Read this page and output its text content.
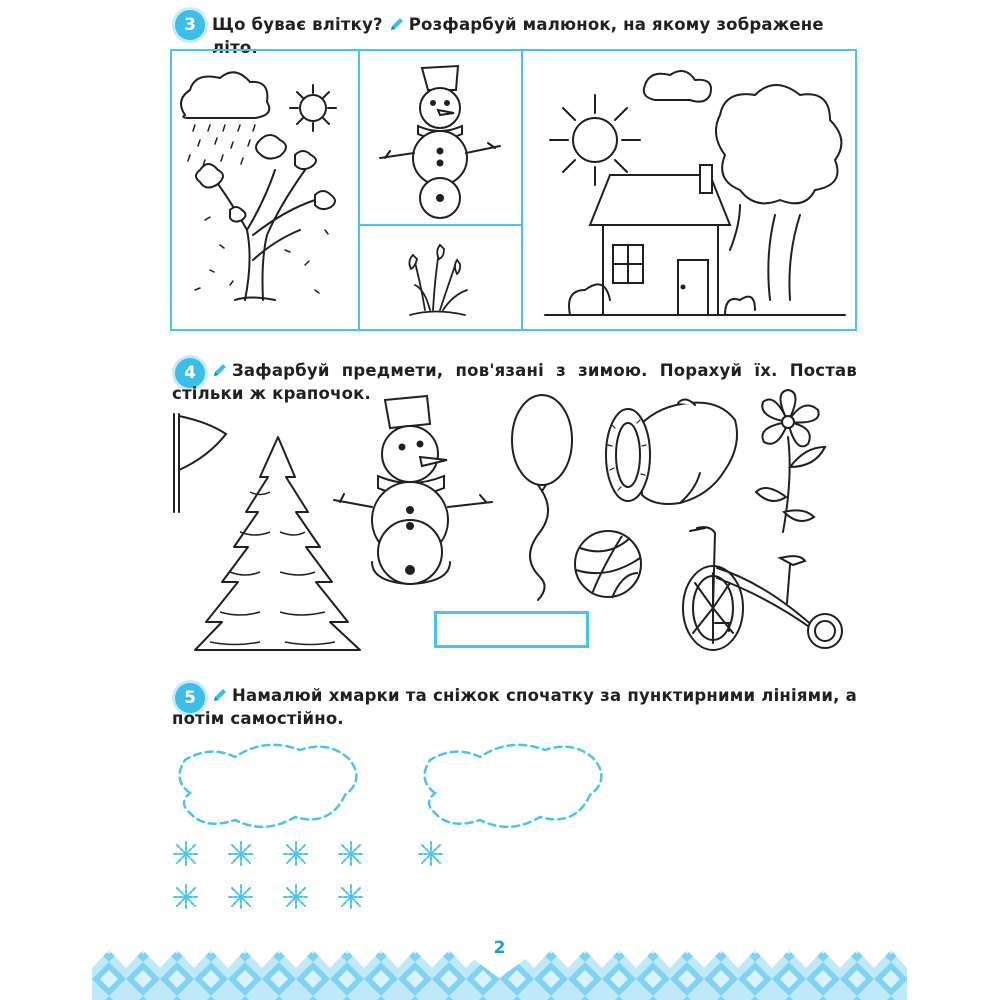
3 Що буває влітку? Розфарбуй малюнок, на якому зображене літо.
4	Зафарбуй предмети, пов'язані з зимою. Порахуй їх. Постав стільки ж крапочок.
5	Намалюй хмарки та сніжок спочатку за пунктирними лініями, а потім самостійно.
2
